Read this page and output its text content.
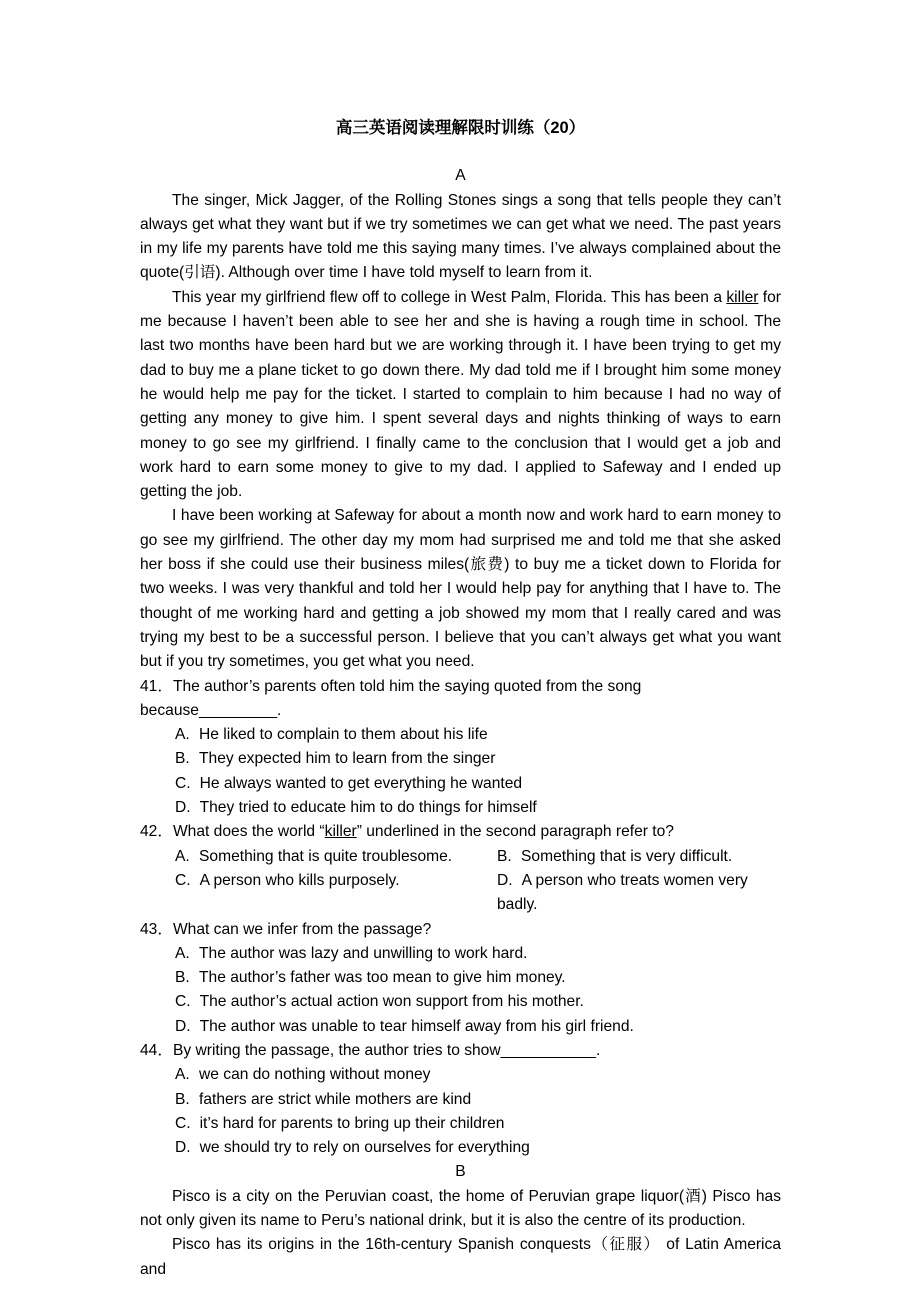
高三英语阅读理解限时训练（20）
A

The singer, Mick Jagger, of the Rolling Stones sings a song that tells people they can’t always get what they want but if we try sometimes we can get what we need. The past years in my life my parents have told me this saying many times. I’ve always complained about the quote(引语). Although over time I have told myself to learn from it.

This year my girlfriend flew off to college in West Palm, Florida. This has been a killer for me because I haven’t been able to see her and she is having a rough time in school. The last two months have been hard but we are working through it. I have been trying to get my dad to buy me a plane ticket to go down there. My dad told me if I brought him some money he would help me pay for the ticket. I started to complain to him because I had no way of getting any money to give him. I spent several days and nights thinking of ways to earn money to go see my girlfriend. I finally came to the conclusion that I would get a job and work hard to earn some money to give to my dad. I applied to Safeway and I ended up getting the job.

I have been working at Safeway for about a month now and work hard to earn money to go see my girlfriend. The other day my mom had surprised me and told me that she asked her boss if she could use their business miles(旅费) to buy me a ticket down to Florida for two weeks. I was very thankful and told her I would help pay for anything that I have to. The thought of me working hard and getting a job showed my mom that I really cared and was trying my best to be a successful person. I believe that you can’t always get what you want but if you try sometimes, you get what you need.

41．The author’s parents often told him the saying quoted from the song because_________.
A. He liked to complain to them about his life
B. They expected him to learn from the singer
C. He always wanted to get everything he wanted
D. They tried to educate him to do things for himself
42．What does the world “killer” underlined in the second paragraph refer to?
A. Something that is quite troublesome.	B. Something that is very difficult.
C. A person who kills purposely.	D. A person who treats women very badly.
43．What can we infer from the passage?
A. The author was lazy and unwilling to work hard.
B. The author’s father was too mean to give him money.
C. The author’s actual action won support from his mother.
D. The author was unable to tear himself away from his girl friend.
44．By writing the passage, the author tries to show___________.
A. we can do nothing without money
B. fathers are strict while mothers are kind
C. it’s hard for parents to bring up their children
D. we should try to rely on ourselves for everything
B

Pisco is a city on the Peruvian coast, the home of Peruvian grape liquor(酒) Pisco has not only given its name to Peru’s national drink, but it is also the centre of its production.

Pisco has its origins in the 16th-century Spanish conquests（征服） of Latin America and
